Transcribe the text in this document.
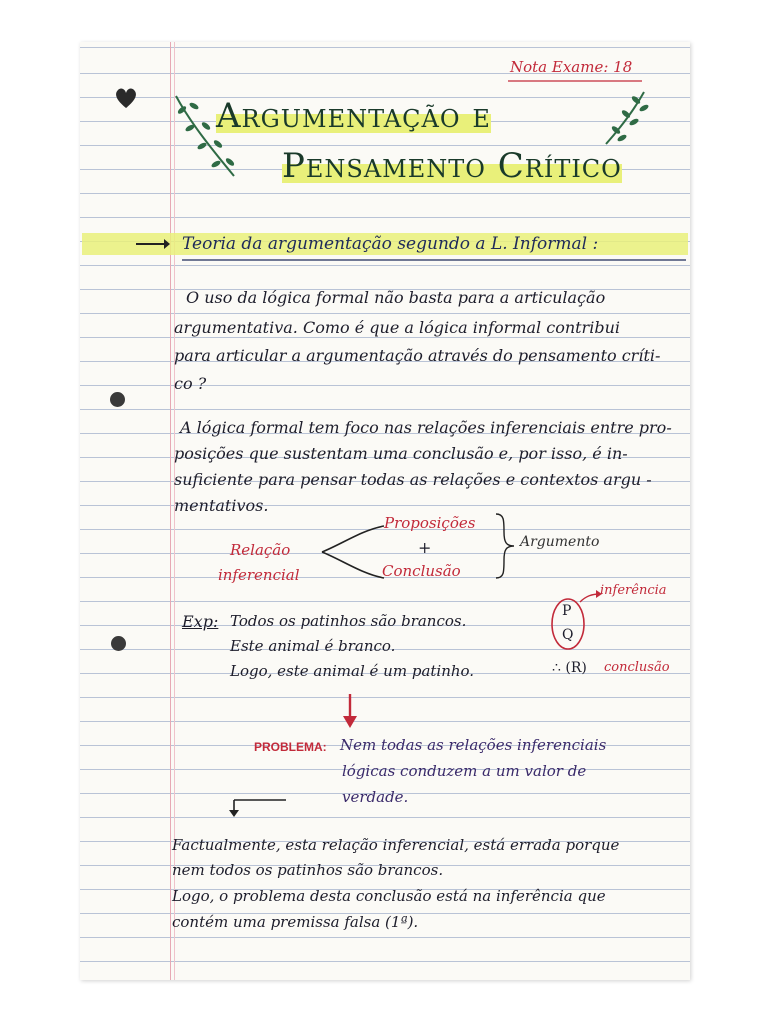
Nota Exame: 18
Argumentação e
Pensamento Crítico
Teoria da argumentação segundo a L. Informal :
O uso da lógica formal não basta para a articulação
argumentativa. Como é que a lógica informal contribui
para articular a argumentação através do pensamento críti-
co ?
A lógica formal tem foco nas relações inferenciais entre pro-
posições que sustentam uma conclusão e, por isso, é in-
suficiente para pensar todas as relações e contextos argu -
mentativos.
Relação
inferencial
Proposições
+
Conclusão
Argumento
Exp: Todos os patinhos são brancos.
Este animal é branco.
Logo, este animal é um patinho.
P
Q
inferência
∴ (R) conclusão
PROBLEMA: Nem todas as relações inferenciais
lógicas conduzem a um valor de
verdade.
Factualmente, esta relação inferencial, está errada porque
nem todos os patinhos são brancos.
Logo, o problema desta conclusão está na inferência que
contém uma premissa falsa (1ª).
